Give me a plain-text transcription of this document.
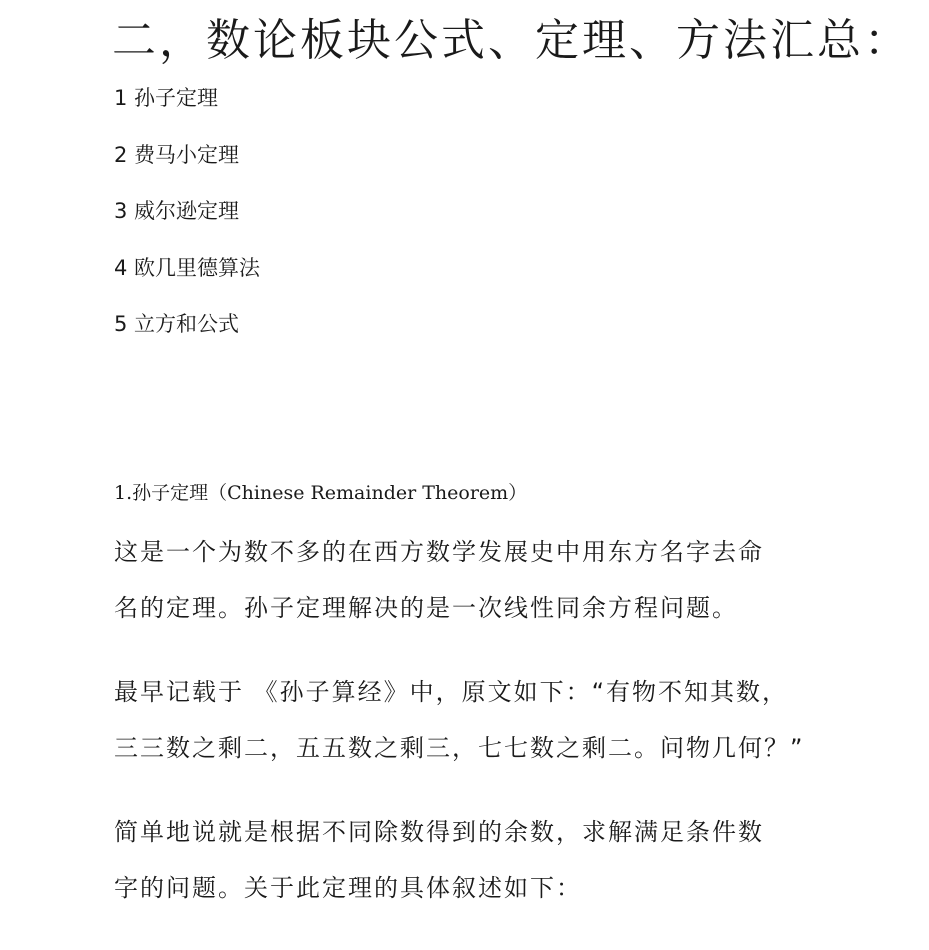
二，数论板块公式、定理、方法汇总：
1 孙子定理
2 费马小定理
3 威尔逊定理
4 欧几里德算法
5 立方和公式
1.孙子定理（Chinese Remainder Theorem）
这是一个为数不多的在西方数学发展史中用东方名字去命
名的定理。孙子定理解决的是一次线性同余方程问题。
最早记载于 《孙子算经》中，原文如下：“有物不知其数，
三三数之剩二，五五数之剩三，七七数之剩二。问物几何？”
简单地说就是根据不同除数得到的余数，求解满足条件数
字的问题。关于此定理的具体叙述如下：
